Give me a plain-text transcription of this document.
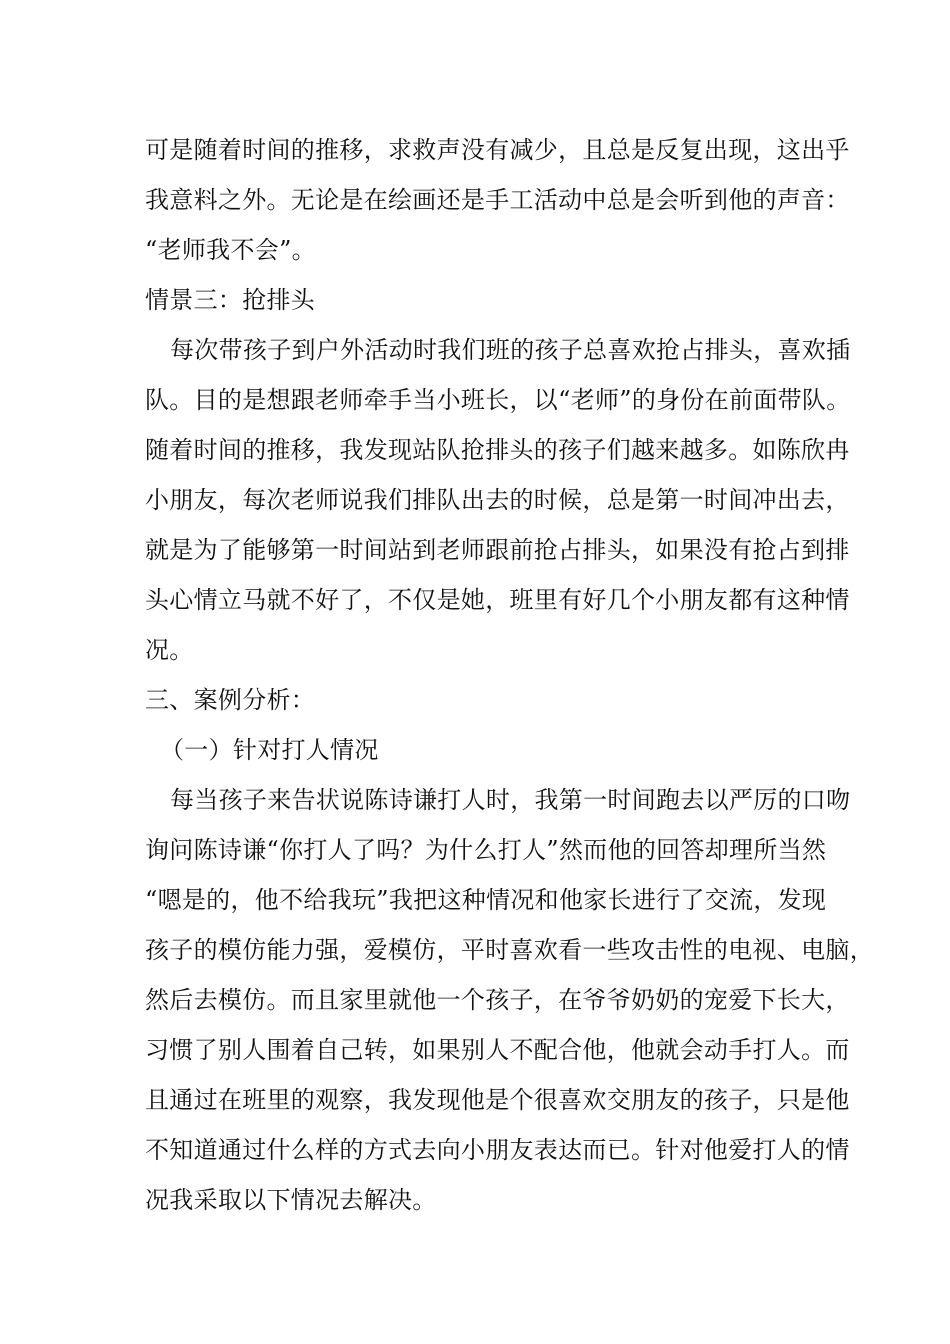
可是随着时间的推移，求救声没有减少，且总是反复出现，这出乎
我意料之外。无论是在绘画还是手工活动中总是会听到他的声音：
“老师我不会”。
情景三：抢排头
每次带孩子到户外活动时我们班的孩子总喜欢抢占排头，喜欢插
队。目的是想跟老师牵手当小班长，以“老师”的身份在前面带队。
随着时间的推移，我发现站队抢排头的孩子们越来越多。如陈欣冉
小朋友，每次老师说我们排队出去的时候，总是第一时间冲出去，
就是为了能够第一时间站到老师跟前抢占排头，如果没有抢占到排
头心情立马就不好了，不仅是她，班里有好几个小朋友都有这种情
况。
三、案例分析：
（一）针对打人情况
每当孩子来告状说陈诗谦打人时，我第一时间跑去以严厉的口吻
询问陈诗谦“你打人了吗？为什么打人”然而他的回答却理所当然
“嗯是的，他不给我玩”我把这种情况和他家长进行了交流，发现
孩子的模仿能力强，爱模仿，平时喜欢看一些攻击性的电视、电脑，
然后去模仿。而且家里就他一个孩子，在爷爷奶奶的宠爱下长大，
习惯了别人围着自己转，如果别人不配合他，他就会动手打人。而
且通过在班里的观察，我发现他是个很喜欢交朋友的孩子，只是他
不知道通过什么样的方式去向小朋友表达而已。针对他爱打人的情
况我采取以下情况去解决。
